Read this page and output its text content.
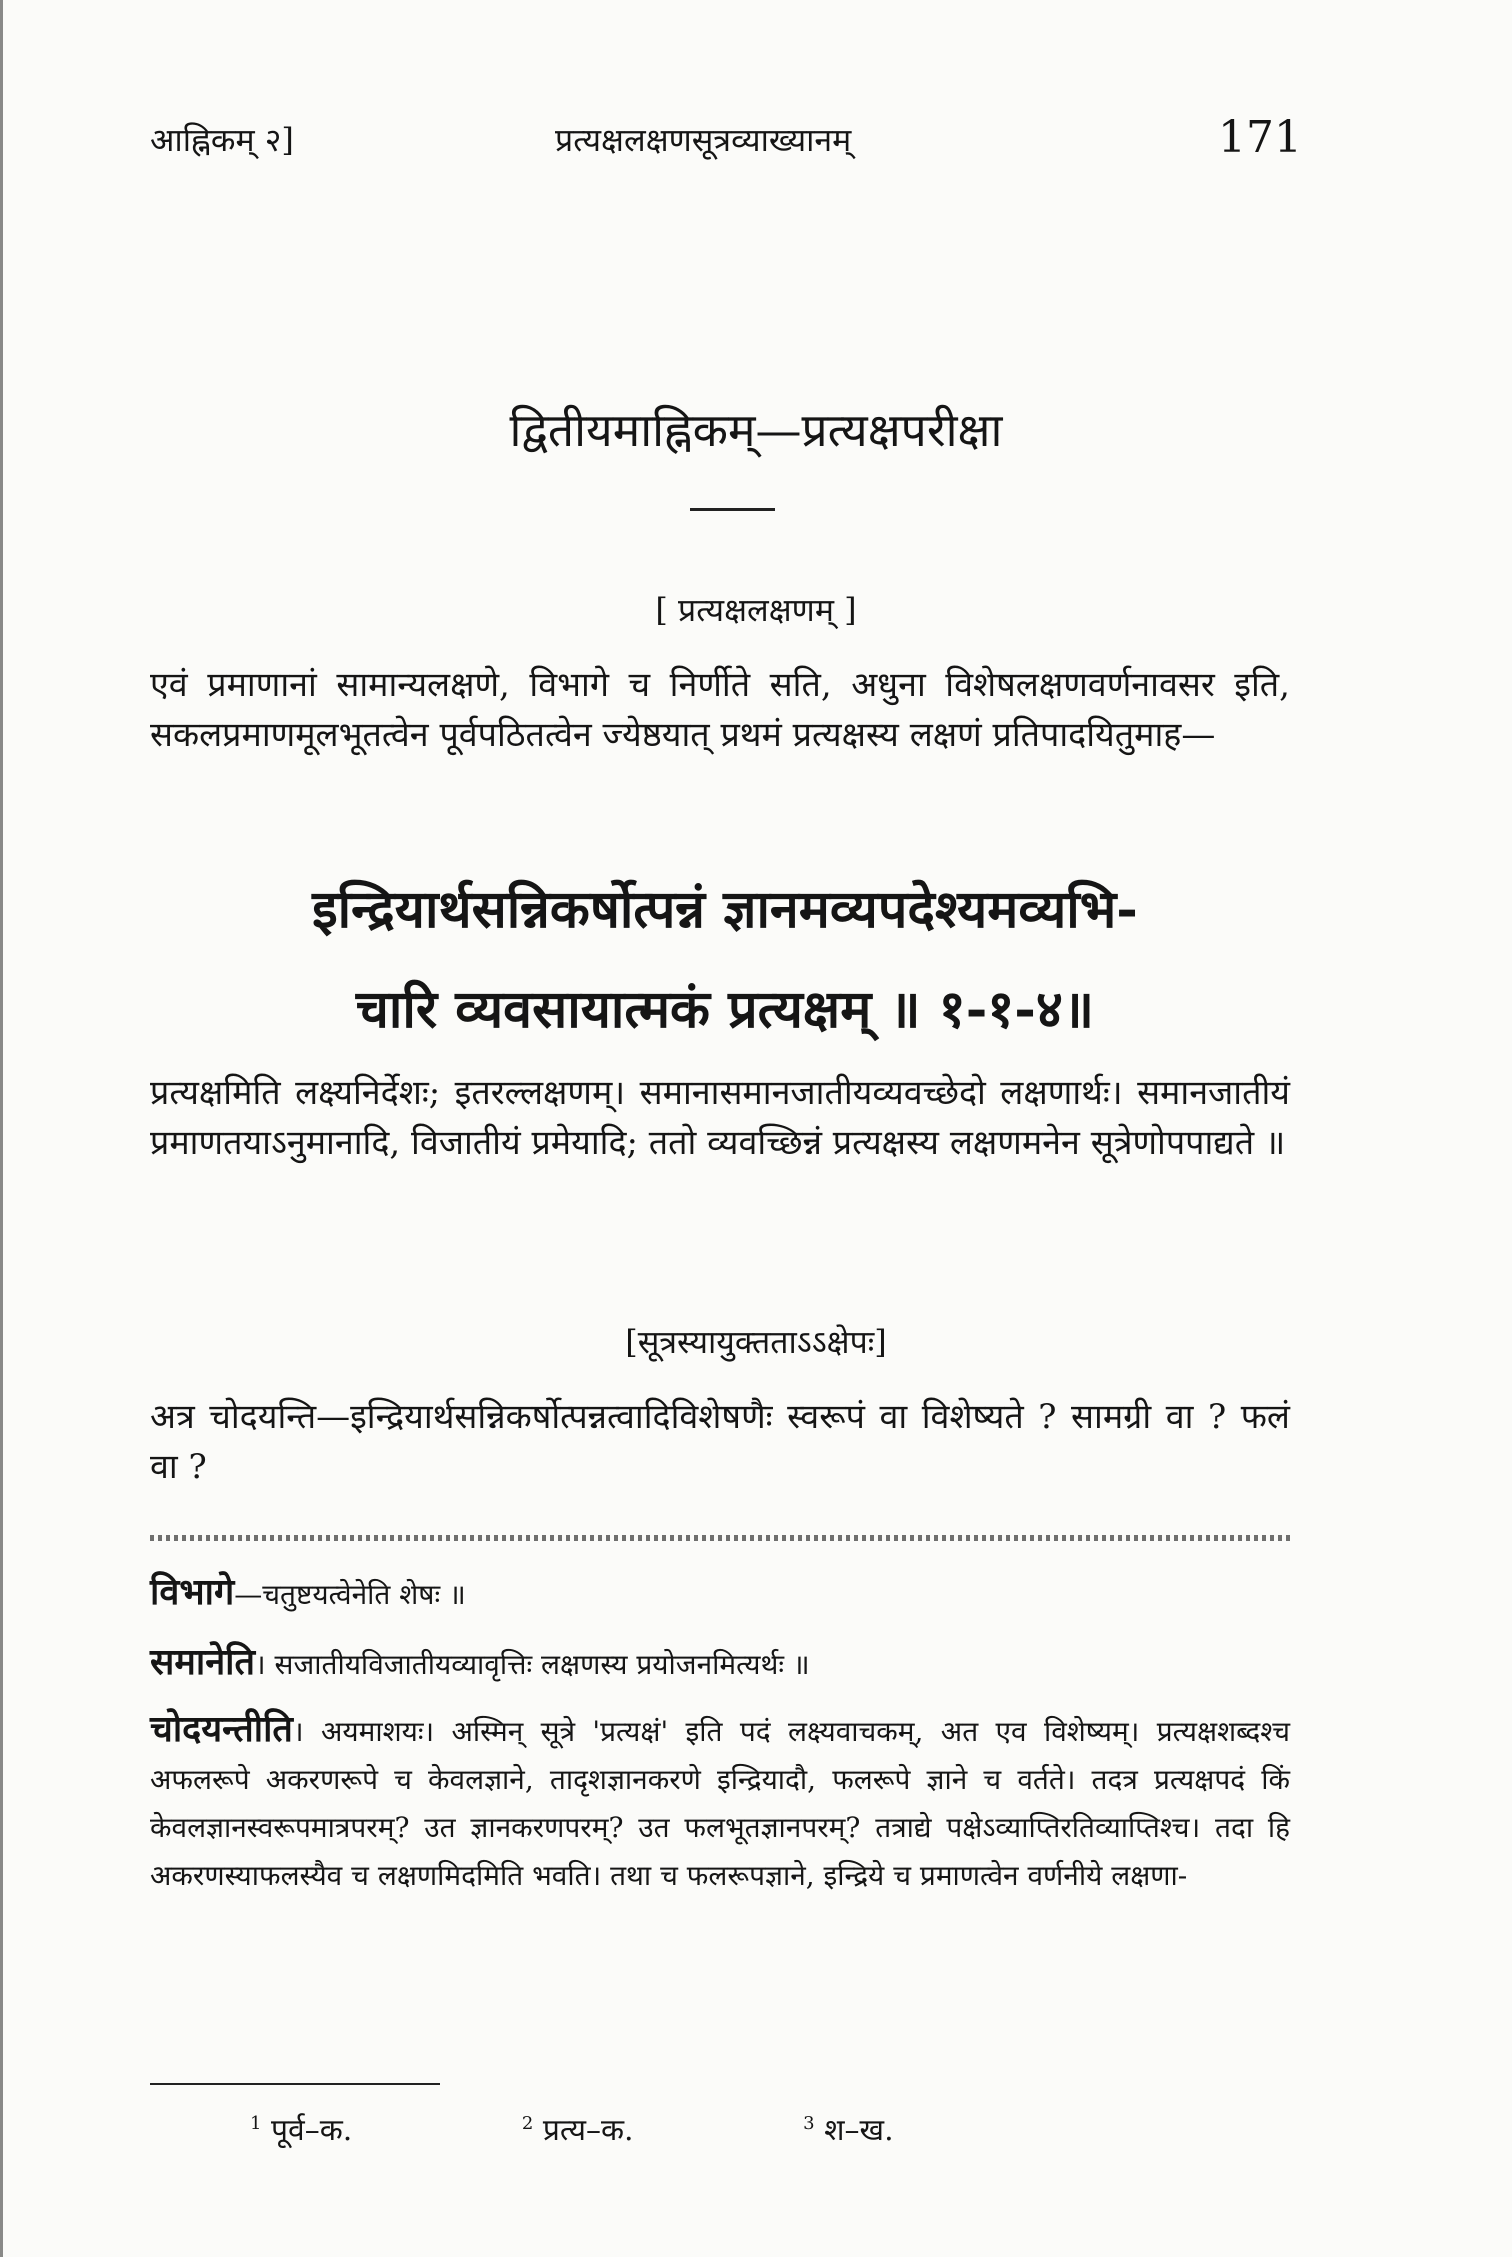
आह्निकम् २]	प्रत्यक्षलक्षणसूत्रव्याख्यानम्	171
द्वितीयमाह्निकम्—प्रत्यक्षपरीक्षा
[ प्रत्यक्षलक्षणम् ]
एवं प्रमाणानां सामान्यलक्षणे, विभागे च निर्णीते सति, अधुना विशेषलक्षणवर्णनावसर इति, सकलप्रमाणमूलभूतत्वेन पूर्वपठितत्वेन ज्येष्ठयात् प्रथमं प्रत्यक्षस्य लक्षणं प्रतिपादयितुमाह—
इन्द्रियार्थसन्निकर्षोत्पन्नं ज्ञानमव्यपदेश्यमव्यभि-
चारि व्यवसायात्मकं प्रत्यक्षम् ॥ १-१-४॥
प्रत्यक्षमिति लक्ष्यनिर्देशः; इतरल्लक्षणम्। समानासमानजातीयव्यवच्छेदो लक्षणार्थः। समानजातीयं प्रमाणतयाऽनुमानादि, विजातीयं प्रमेयादि; ततो व्यवच्छिन्नं प्रत्यक्षस्य लक्षणमनेन सूत्रेणोपपाद्यते ॥
[सूत्रस्यायुक्तताऽऽक्षेपः]
अत्र चोदयन्ति—इन्द्रियार्थसन्निकर्षोत्पन्नत्वादिविशेषणैः स्वरूपं वा विशेष्यते ? सामग्री वा ? फलं वा ?
विभागे—चतुष्टयत्वेनेति शेषः ॥
समानेति। सजातीयविजातीयव्यावृत्तिः लक्षणस्य प्रयोजनमित्यर्थः ॥
चोदयन्तीति। अयमाशयः। अस्मिन् सूत्रे 'प्रत्यक्षं' इति पदं लक्ष्यवाचकम्, अत एव विशेष्यम्। प्रत्यक्षशब्दश्च अफलरूपे अकरणरूपे च केवलज्ञाने, तादृशज्ञानकरणे इन्द्रियादौ, फलरूपे ज्ञाने च वर्तते। तदत्र प्रत्यक्षपदं किं केवलज्ञानस्वरूपमात्रपरम्? उत ज्ञानकरणपरम्? उत फलभूतज्ञानपरम्? तत्राद्ये पक्षेऽव्याप्तिरतिव्याप्तिश्च। तदा हि अकरणस्याफलस्यैव च लक्षणमिदमिति भवति। तथा च फलरूपज्ञाने, इन्द्रिये च प्रमाणत्वेन वर्णनीये लक्षणा-
$^1$ पूर्व–क.	$^2$ प्रत्य–क.	$^3$ श–ख.
